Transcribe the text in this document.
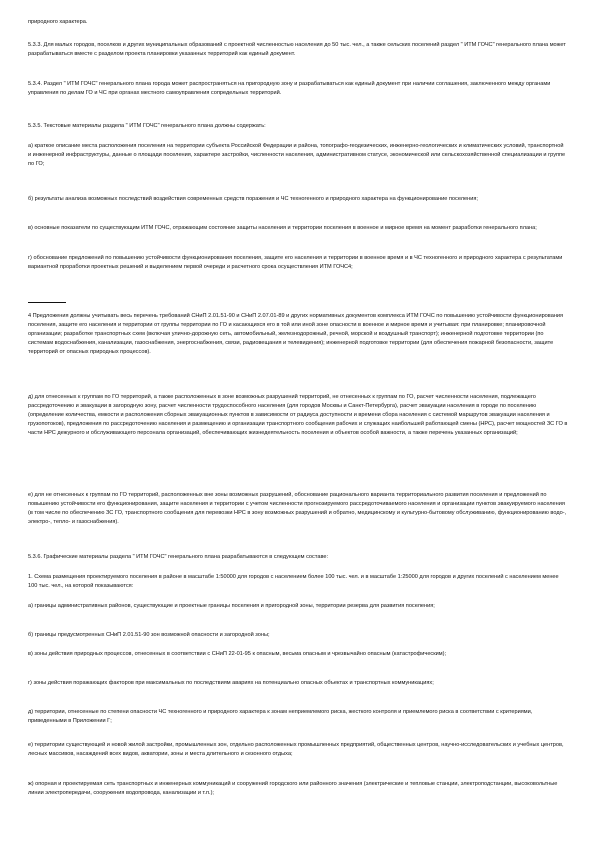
природного характера.

5.3.3. Для малых городов, поселков и других муниципальных образований с проектной численностью населения до 50 тыс. чел., а также сельских поселений раздел " ИТМ ГОЧС" генерального плана может разрабатываться вместе с разделом проекта планировки указанных территорий как единый документ.

5.3.4. Раздел " ИТМ ГОЧС" генерального плана города может распространяться на пригородную зону и разрабатываться как единый документ при наличии соглашения, заключенного между органами управления по делам ГО и ЧС при органах местного самоуправления сопредельных территорий.

5.3.5. Текстовые материалы раздела " ИТМ ГОЧС" генерального плана должны содержать:

а) краткое описание места расположения поселения на территории субъекта Российской Федерации и района, топографо-геодезических, инженерно-геологических и климатических условий, транспортной и инженерной инфраструктуры, данные о площади поселения, характере застройки, численности населения, административном статусе, экономической или сельскохозяйственной специализации и группе по ГО;

б) результаты анализа возможных последствий воздействия современных средств поражения и ЧС техногенного и природного характера на функционирование поселения;

в) основные показатели по существующим ИТМ ГОЧС, отражающим состояние защиты населения и территории поселения в военное и мирное время на момент разработки генерального плана;

г) обоснование предложений по повышению устойчивости функционирования поселения, защите его населения и территории в военное время и в ЧС техногенного и природного характера с результатами вариантной проработки проектных решений и выделением первой очереди и расчетного срока осуществления ИТМ ГОЧС4;

4 Предложения должны учитывать весь перечень требований СНиП 2.01.51-90 и СНиП 2.07.01-89 и других нормативных документов комплекса ИТМ ГОЧС по повышению устойчивости функционирования поселения, защите его населения и территории от группы территории по ГО и касающихся его в той или иной зоне опасности в военное и мирное время и учитывая: при планировке; планировочной организации; разработке транспортных схем (включая улично-дорожную сеть, автомобильный, железнодорожный, речной, морской и воздушный транспорт); инженерной подготовке территории (по системам водоснабжения, канализации, газоснабжения, энергоснабжения, связи, радиовещания и телевидения); инженерной подготовке территории (для обеспечения пожарной безопасности, защите территорий от опасных природных процессов).

д) для отнесенных к группам по ГО территорий, а также расположенных в зоне возможных разрушений территорий, не отнесенных к группам по ГО, расчет численности населения, подлежащего рассредоточению и эвакуации в загородную зону, расчет численности трудоспособного населения (для городов Москвы и Санкт-Петербурга), расчет эвакуации населения в городе по поселению (определение количества, емкости и расположения сборных эвакуационных пунктов в зависимости от радиуса доступности и времени сбора населения с системой маршрутов эвакуации населения и грузопотоков), предложения по рассредоточению населения и размещению и организации транспортного сообщения рабочих и служащих наибольшей работающей смены (НРС), расчет мощностей ЗС ГО в части НРС дежурного и обслуживающего персонала организаций, обеспечивающих жизнедеятельность поселения и объектов особой важности, а также перечень указанных организаций;

е) для не отнесенных к группам по ГО территорий, расположенных вне зоны возможных разрушений, обоснование рационального варианта территориального развития поселения и предложений по повышению устойчивости его функционирования, защите населения и территории с учетом численности прогнозируемого рассредоточиваемого населения и организации пунктов эвакуируемого населения (в том числе по обеспечению ЗС ГО, транспортного сообщения для перевозки НРС в зону возможных разрушений и обратно, медицинскому и культурно-бытовому обслуживанию, функционированию водо-, электро-, тепло- и газоснабжения).

5.3.6. Графические материалы раздела " ИТМ ГОЧС" генерального плана разрабатываются в следующем составе:

1. Схема размещения проектируемого поселения в районе в масштабе 1:50000 для городов с населением более 100 тыс. чел. и в масштабе 1:25000 для городов и других поселений с населением менее 100 тыс. чел., на которой показываются:

а) границы административных районов, существующие и проектные границы поселения и пригородной зоны, территории резерва для развития поселения;

б) границы предусмотренных СНиП 2.01.51-90 зон возможной опасности и загородной зоны;

в) зоны действия природных процессов, отнесенных в соответствии с СНиП 22-01-95 к опасным, весьма опасным и чрезвычайно опасным (катастрофическим);

г) зоны действия поражающих факторов при максимальных по последствиям авариях на потенциально опасных объектах и транспортных коммуникациях;

д) территории, отнесенные по степени опасности ЧС техногенного и природного характера к зонам неприемлемого риска, жесткого контроля и приемлемого риска в соответствии с критериями, приведенными в Приложении Г;

е) территории существующей и новой жилой застройки, промышленных зон, отдельно расположенных промышленных предприятий, общественных центров, научно-исследовательских и учебных центров, лесных массивов, насаждений всех видов, акватории, зоны и места длительного и сезонного отдыха;

ж) опорная и проектируемая сеть транспортных и инженерных коммуникаций и сооружений городского или районного значения (электрические и тепловые станции, электроподстанции, высоковольтные линии электропередачи, сооружения водопровода, канализации и т.п.);
